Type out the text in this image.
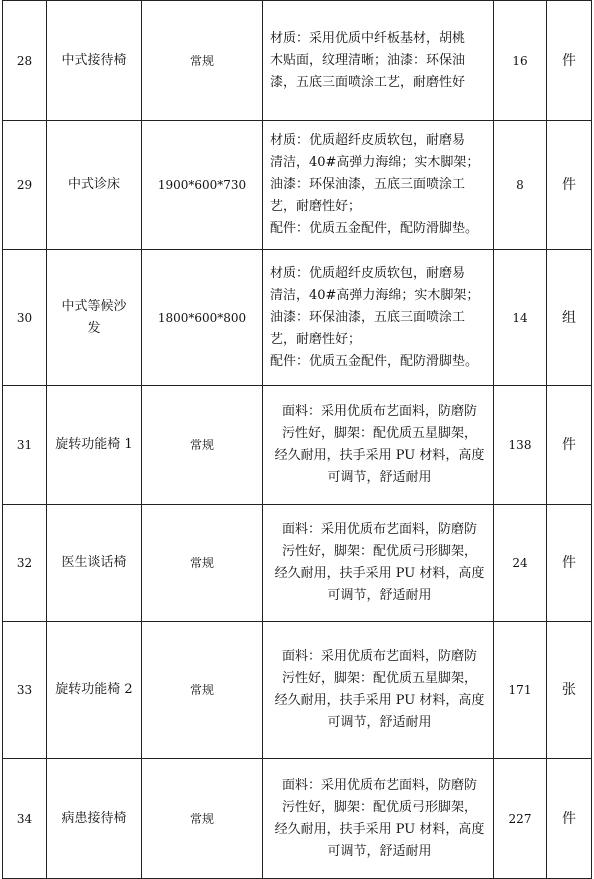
28	中式接待椅	常规	材质：采用优质中纤板基材，胡桃
木贴面，纹理清晰；油漆：环保油
漆，五底三面喷涂工艺，耐磨性好	16	件
29	中式诊床	1900*600*730	材质：优质超纤皮质软包，耐磨易
清洁，40#高弹力海绵；实木脚架；
油漆：环保油漆，五底三面喷涂工
艺，耐磨性好；
配件：优质五金配件，配防滑脚垫。	8	件
30	中式等候沙
发	1800*600*800	材质：优质超纤皮质软包，耐磨易
清洁，40#高弹力海绵；实木脚架；
油漆：环保油漆，五底三面喷涂工
艺，耐磨性好；
配件：优质五金配件，配防滑脚垫。	14	组
31	旋转功能椅 1	常规	面料：采用优质布艺面料，防磨防
污性好，脚架：配优质五星脚架，
经久耐用，扶手采用 PU 材料，高度
可调节，舒适耐用	138	件
32	医生谈话椅	常规	面料：采用优质布艺面料，防磨防
污性好，脚架：配优质弓形脚架，
经久耐用，扶手采用 PU 材料，高度
可调节，舒适耐用	24	件
33	旋转功能椅 2	常规	面料：采用优质布艺面料，防磨防
污性好，脚架：配优质五星脚架，
经久耐用，扶手采用 PU 材料，高度
可调节，舒适耐用	171	张
34	病患接待椅	常规	面料：采用优质布艺面料，防磨防
污性好，脚架：配优质弓形脚架，
经久耐用，扶手采用 PU 材料，高度
可调节，舒适耐用	227	件
